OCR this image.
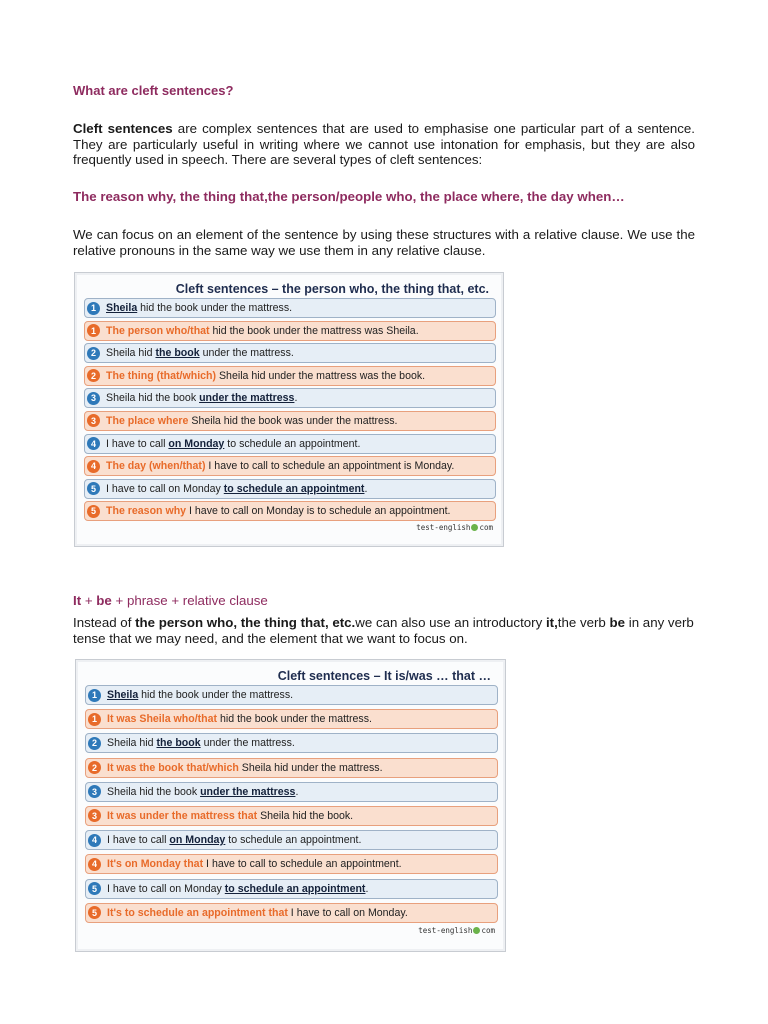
What are cleft sentences?
Cleft sentences are complex sentences that are used to emphasise one particular part of a sentence. They are particularly useful in writing where we cannot use intonation for emphasis, but they are also frequently used in speech. There are several types of cleft sentences:
The reason why, the thing that,the person/people who, the place where, the day when…
We can focus on an element of the sentence by using these structures with a relative clause. We use the relative pronouns in the same way we use them in any relative clause.
Cleft sentences – the person who, the thing that, etc.
1 Sheila hid the book under the mattress.
1 The person who/that hid the book under the mattress was Sheila.
2 Sheila hid the book under the mattress.
2 The thing (that/which) Sheila hid under the mattress was the book.
3 Sheila hid the book under the mattress .
3 The place where Sheila hid the book was under the mattress.
4 I have to call on Monday to schedule an appointment.
4 The day (when/that) I have to call to schedule an appointment is Monday.
5 I have to call on Monday to schedule an appointment .
5 The reason why I have to call on Monday is to schedule an appointment.
test-english com
It + be + phrase + relative clause
Instead of the person who, the thing that, etc.we can also use an introductory it,the verb be in any verb tense that we may need, and the element that we want to focus on.
Cleft sentences – It is/was … that …
1 Sheila hid the book under the mattress.
1 It was Sheila who/that hid the book under the mattress.
2 Sheila hid the book under the mattress.
2 It was the book that/which Sheila hid under the mattress.
3 Sheila hid the book under the mattress .
3 It was under the mattress that Sheila hid the book.
4 I have to call on Monday to schedule an appointment.
4 It's on Monday that I have to call to schedule an appointment.
5 I have to call on Monday to schedule an appointment .
5 It's to schedule an appointment that I have to call on Monday.
test-english com
